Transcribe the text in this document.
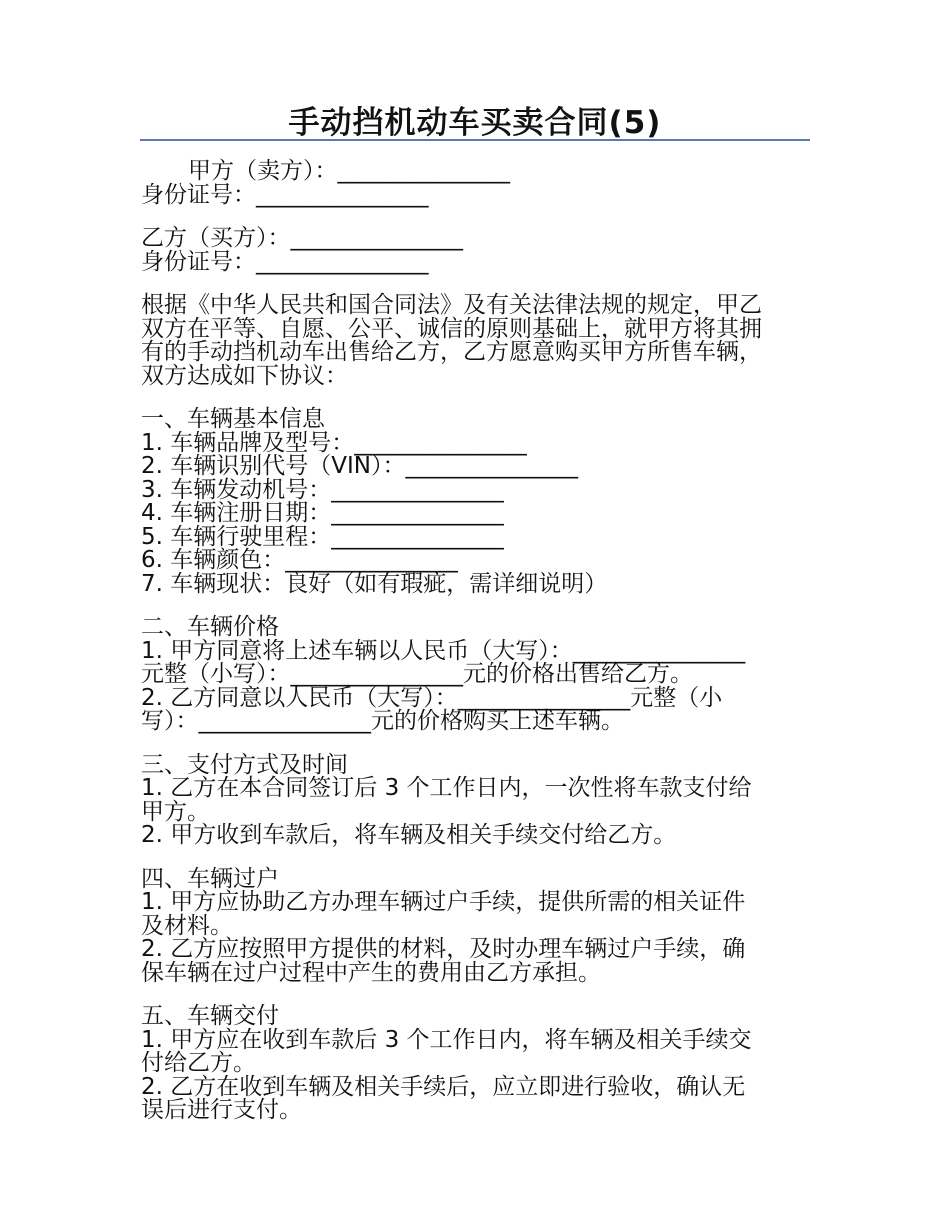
手动挡机动车买卖合同(5)
甲方（卖方）：_______________
身份证号：_______________
乙方（买方）：_______________
身份证号：_______________
根据《中华人民共和国合同法》及有关法律法规的规定，甲乙
双方在平等、自愿、公平、诚信的原则基础上，就甲方将其拥
有的手动挡机动车出售给乙方，乙方愿意购买甲方所售车辆，
双方达成如下协议：
一、车辆基本信息
1. 车辆品牌及型号：_______________
2. 车辆识别代号（VIN）：_______________
3. 车辆发动机号：_______________
4. 车辆注册日期：_______________
5. 车辆行驶里程：_______________
6. 车辆颜色：_______________
7. 车辆现状：良好（如有瑕疵，需详细说明）
二、车辆价格
1. 甲方同意将上述车辆以人民币（大写）：_______________
元整（小写）：_______________元的价格出售给乙方。
2. 乙方同意以人民币（大写）：_______________元整（小
写）：_______________元的价格购买上述车辆。
三、支付方式及时间
1. 乙方在本合同签订后 3 个工作日内，一次性将车款支付给
甲方。
2. 甲方收到车款后，将车辆及相关手续交付给乙方。
四、车辆过户
1. 甲方应协助乙方办理车辆过户手续，提供所需的相关证件
及材料。
2. 乙方应按照甲方提供的材料，及时办理车辆过户手续，确
保车辆在过户过程中产生的费用由乙方承担。
五、车辆交付
1. 甲方应在收到车款后 3 个工作日内，将车辆及相关手续交
付给乙方。
2. 乙方在收到车辆及相关手续后，应立即进行验收，确认无
误后进行支付。
